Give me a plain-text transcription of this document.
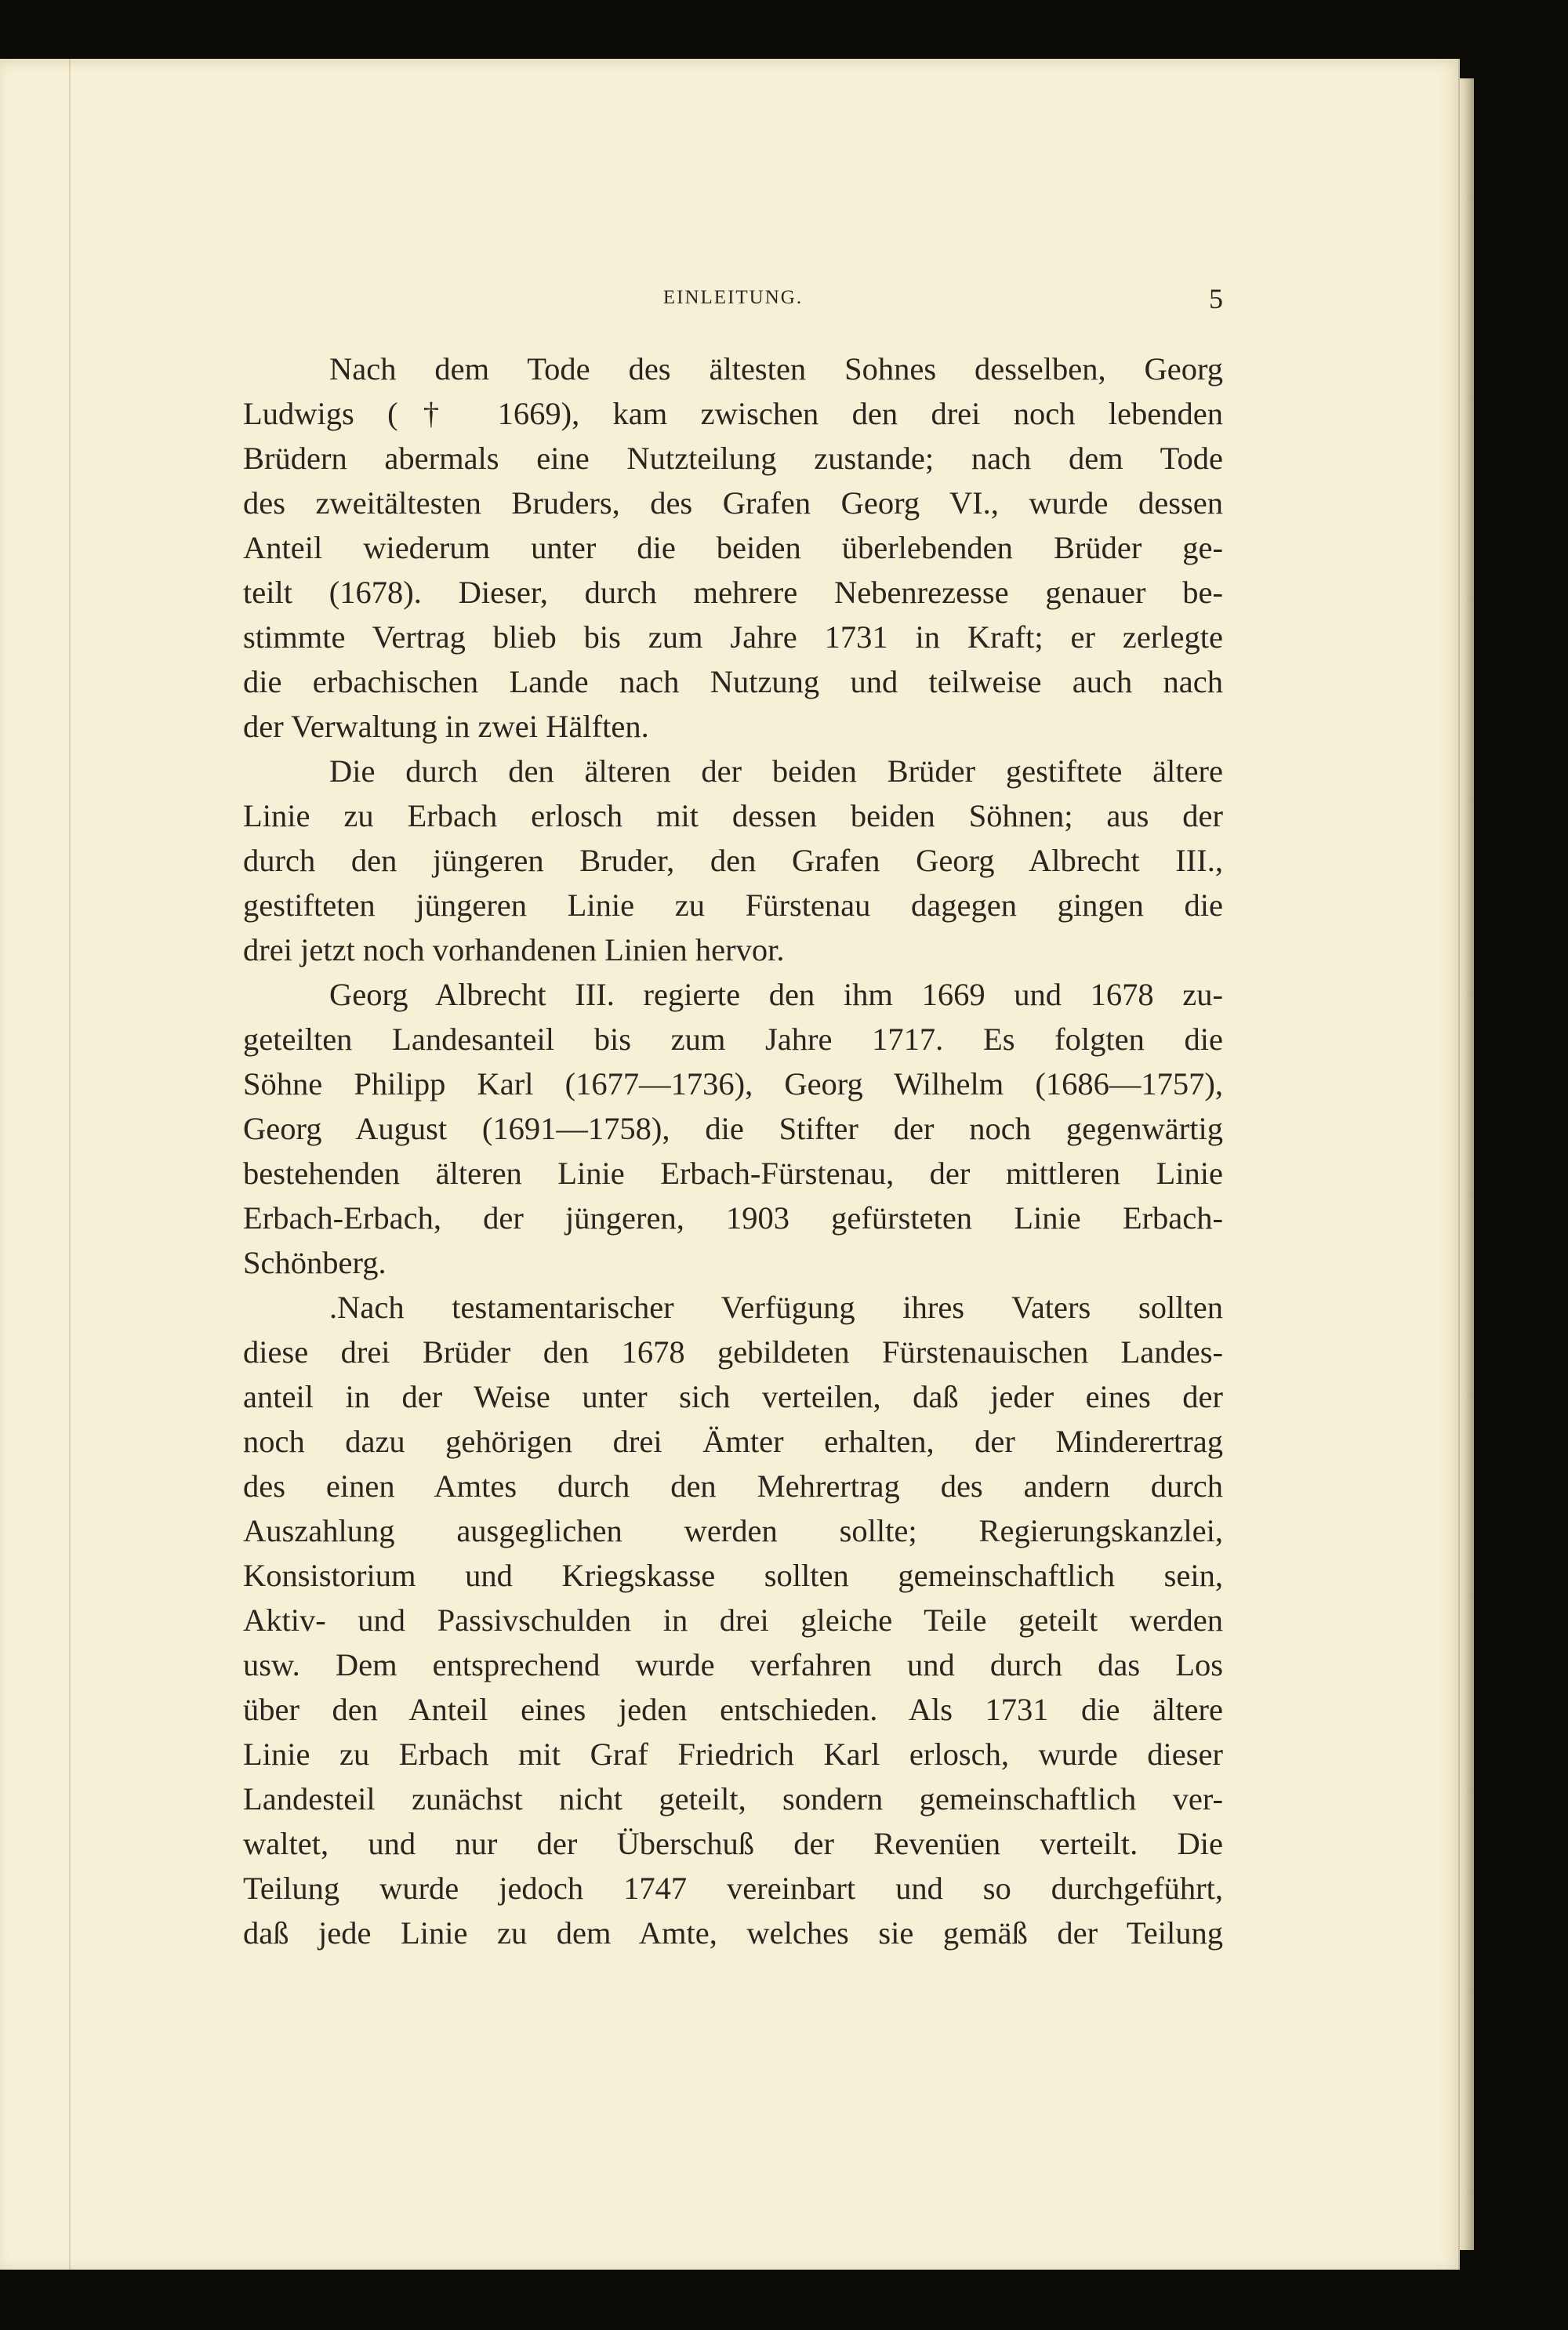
EINLEITUNG.	5
Nach dem Tode des ältesten Sohnes desselben, Georg
Ludwigs († 1669), kam zwischen den drei noch lebenden
Brüdern abermals eine Nutzteilung zustande; nach dem Tode
des zweitältesten Bruders, des Grafen Georg VI., wurde dessen
Anteil wiederum unter die beiden überlebenden Brüder ge-
teilt (1678). Dieser, durch mehrere Nebenrezesse genauer be-
stimmte Vertrag blieb bis zum Jahre 1731 in Kraft; er zerlegte
die erbachischen Lande nach Nutzung und teilweise auch nach
der Verwaltung in zwei Hälften.
Die durch den älteren der beiden Brüder gestiftete ältere
Linie zu Erbach erlosch mit dessen beiden Söhnen; aus der
durch den jüngeren Bruder, den Grafen Georg Albrecht III.,
gestifteten jüngeren Linie zu Fürstenau dagegen gingen die
drei jetzt noch vorhandenen Linien hervor.
Georg Albrecht III. regierte den ihm 1669 und 1678 zu-
geteilten Landesanteil bis zum Jahre 1717. Es folgten die
Söhne Philipp Karl (1677—1736), Georg Wilhelm (1686—1757),
Georg August (1691—1758), die Stifter der noch gegenwärtig
bestehenden älteren Linie Erbach-Fürstenau, der mittleren Linie
Erbach-Erbach, der jüngeren, 1903 gefürsteten Linie Erbach-
Schönberg.
.Nach testamentarischer Verfügung ihres Vaters sollten
diese drei Brüder den 1678 gebildeten Fürstenauischen Landes-
anteil in der Weise unter sich verteilen, daß jeder eines der
noch dazu gehörigen drei Ämter erhalten, der Minderertrag
des einen Amtes durch den Mehrertrag des andern durch
Auszahlung ausgeglichen werden sollte; Regierungskanzlei,
Konsistorium und Kriegskasse sollten gemeinschaftlich sein,
Aktiv- und Passivschulden in drei gleiche Teile geteilt werden
usw. Dem entsprechend wurde verfahren und durch das Los
über den Anteil eines jeden entschieden. Als 1731 die ältere
Linie zu Erbach mit Graf Friedrich Karl erlosch, wurde dieser
Landesteil zunächst nicht geteilt, sondern gemeinschaftlich ver-
waltet, und nur der Überschuß der Revenüen verteilt. Die
Teilung wurde jedoch 1747 vereinbart und so durchgeführt,
daß jede Linie zu dem Amte, welches sie gemäß der Teilung
